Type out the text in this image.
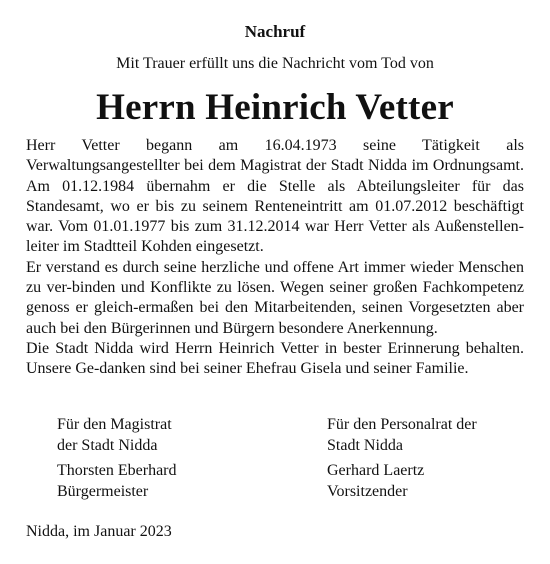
Nachruf
Mit Trauer erfüllt uns die Nachricht vom Tod von
Herrn Heinrich Vetter

Herr Vetter begann am 16.04.1973 seine Tätigkeit als Verwaltungsangestellter bei dem Magistrat der Stadt Nidda im Ordnungsamt. Am 01.12.1984 übernahm er die Stelle als Abteilungsleiter für das Standesamt, wo er bis zu seinem Renteneintritt am 01.07.2012 beschäftigt war. Vom 01.01.1977 bis zum 31.12.2014 war Herr Vetter als Außenstellen-leiter im Stadtteil Kohden eingesetzt.

Er verstand es durch seine herzliche und offene Art immer wieder Menschen zu ver-binden und Konflikte zu lösen. Wegen seiner großen Fachkompetenz genoss er gleich-ermaßen bei den Mitarbeitenden, seinen Vorgesetzten aber auch bei den Bürgerinnen und Bürgern besondere Anerkennung.

Die Stadt Nidda wird Herrn Heinrich Vetter in bester Erinnerung behalten. Unsere Ge-danken sind bei seiner Ehefrau Gisela und seiner Familie.

Für den Magistrat
der Stadt Nidda
Thorsten Eberhard
Bürgermeister
Für den Personalrat der
Stadt Nidda
Gerhard Laertz
Vorsitzender
Nidda, im Januar 2023
